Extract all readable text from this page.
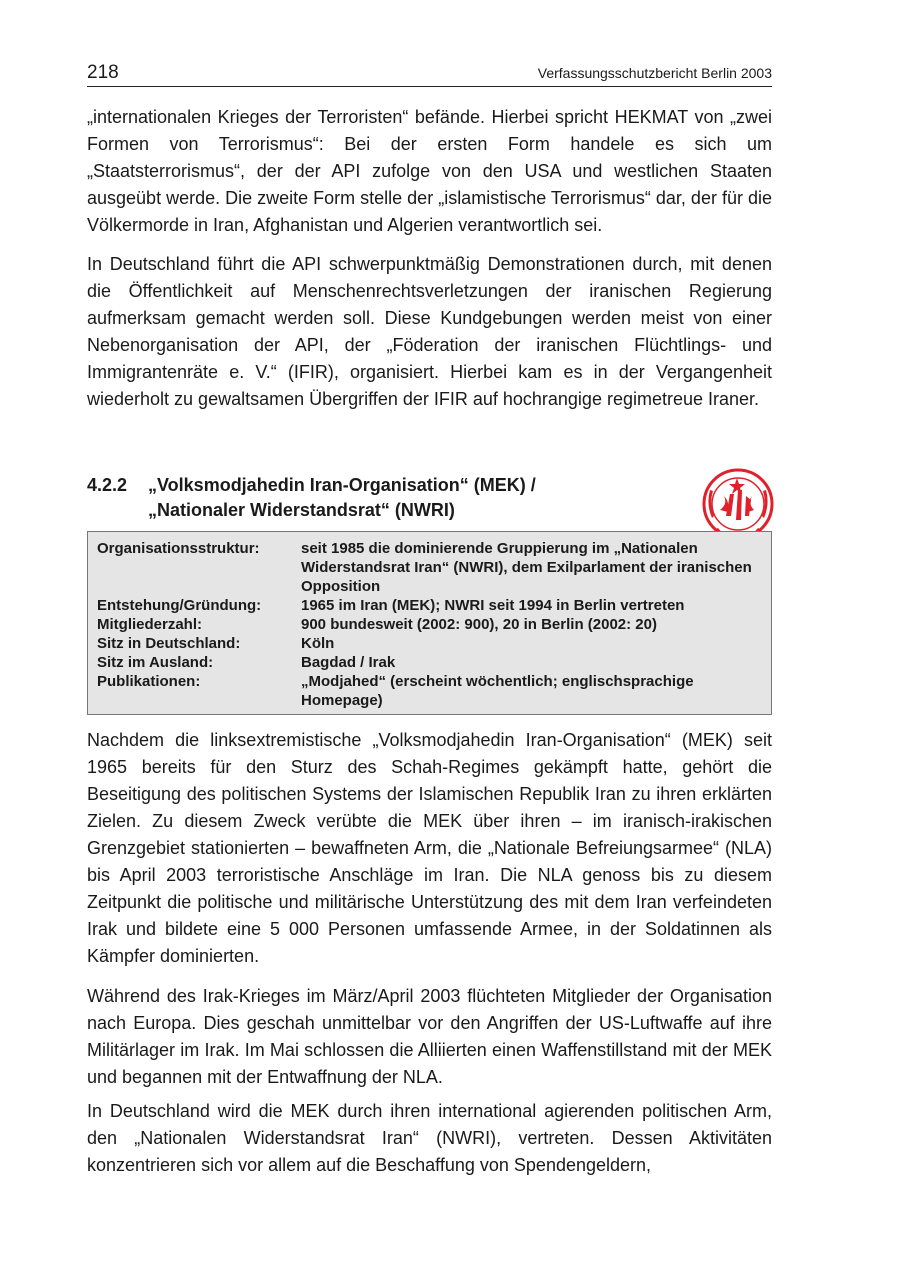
218	Verfassungsschutzbericht Berlin 2003

„internationalen Krieges der Terroristen“ befände. Hierbei spricht HEKMAT von „zwei Formen von Terrorismus“: Bei der ersten Form handele es sich um „Staatsterrorismus“, der der API zufolge von den USA und westlichen Staaten ausgeübt werde. Die zweite Form stelle der „islamistische Terrorismus“ dar, der für die Völkermorde in Iran, Afghanistan und Algerien verantwortlich sei.

In Deutschland führt die API schwerpunktmäßig Demonstrationen durch, mit denen die Öffentlichkeit auf Menschenrechtsverletzungen der iranischen Regierung aufmerksam gemacht werden soll. Diese Kundgebungen werden meist von einer Nebenorganisation der API, der „Föderation der iranischen Flüchtlings- und Immigrantenräte e. V.“ (IFIR), organisiert. Hierbei kam es in der Vergangenheit wiederholt zu gewaltsamen Übergriffen der IFIR auf hochrangige regimetreue Iraner.

4.2.2 „Volksmodjahedin Iran-Organisation“ (MEK) /
„Nationaler Widerstandsrat“ (NWRI)
Organisationsstruktur:	seit 1985 die dominierende Gruppierung im „Nationalen Widerstandsrat Iran“ (NWRI), dem Exilparlament der iranischen Opposition
Entstehung/Gründung:	1965 im Iran (MEK); NWRI seit 1994 in Berlin vertreten
Mitgliederzahl:	900 bundesweit (2002: 900), 20 in Berlin (2002: 20)
Sitz in Deutschland:	Köln
Sitz im Ausland:	Bagdad / Irak
Publikationen:	„Modjahed“ (erscheint wöchentlich; englischsprachige Homepage)

Nachdem die linksextremistische „Volksmodjahedin Iran-Organisation“ (MEK) seit 1965 bereits für den Sturz des Schah-Regimes gekämpft hatte, gehört die Beseitigung des politischen Systems der Islamischen Republik Iran zu ihren erklärten Zielen. Zu diesem Zweck verübte die MEK über ihren – im iranisch-irakischen Grenzgebiet stationierten – bewaffneten Arm, die „Nationale Befreiungsarmee“ (NLA) bis April 2003 terroristische Anschläge im Iran. Die NLA genoss bis zu diesem Zeitpunkt die politische und militärische Unterstützung des mit dem Iran verfeindeten Irak und bildete eine 5 000 Personen umfassende Armee, in der Soldatinnen als Kämpfer dominierten.

Während des Irak-Krieges im März/April 2003 flüchteten Mitglieder der Organisation nach Europa. Dies geschah unmittelbar vor den Angriffen der US-Luftwaffe auf ihre Militärlager im Irak. Im Mai schlossen die Alliierten einen Waffenstillstand mit der MEK und begannen mit der Entwaffnung der NLA.

In Deutschland wird die MEK durch ihren international agierenden politischen Arm, den „Nationalen Widerstandsrat Iran“ (NWRI), vertreten. Dessen Aktivitäten konzentrieren sich vor allem auf die Beschaffung von Spendengeldern,
